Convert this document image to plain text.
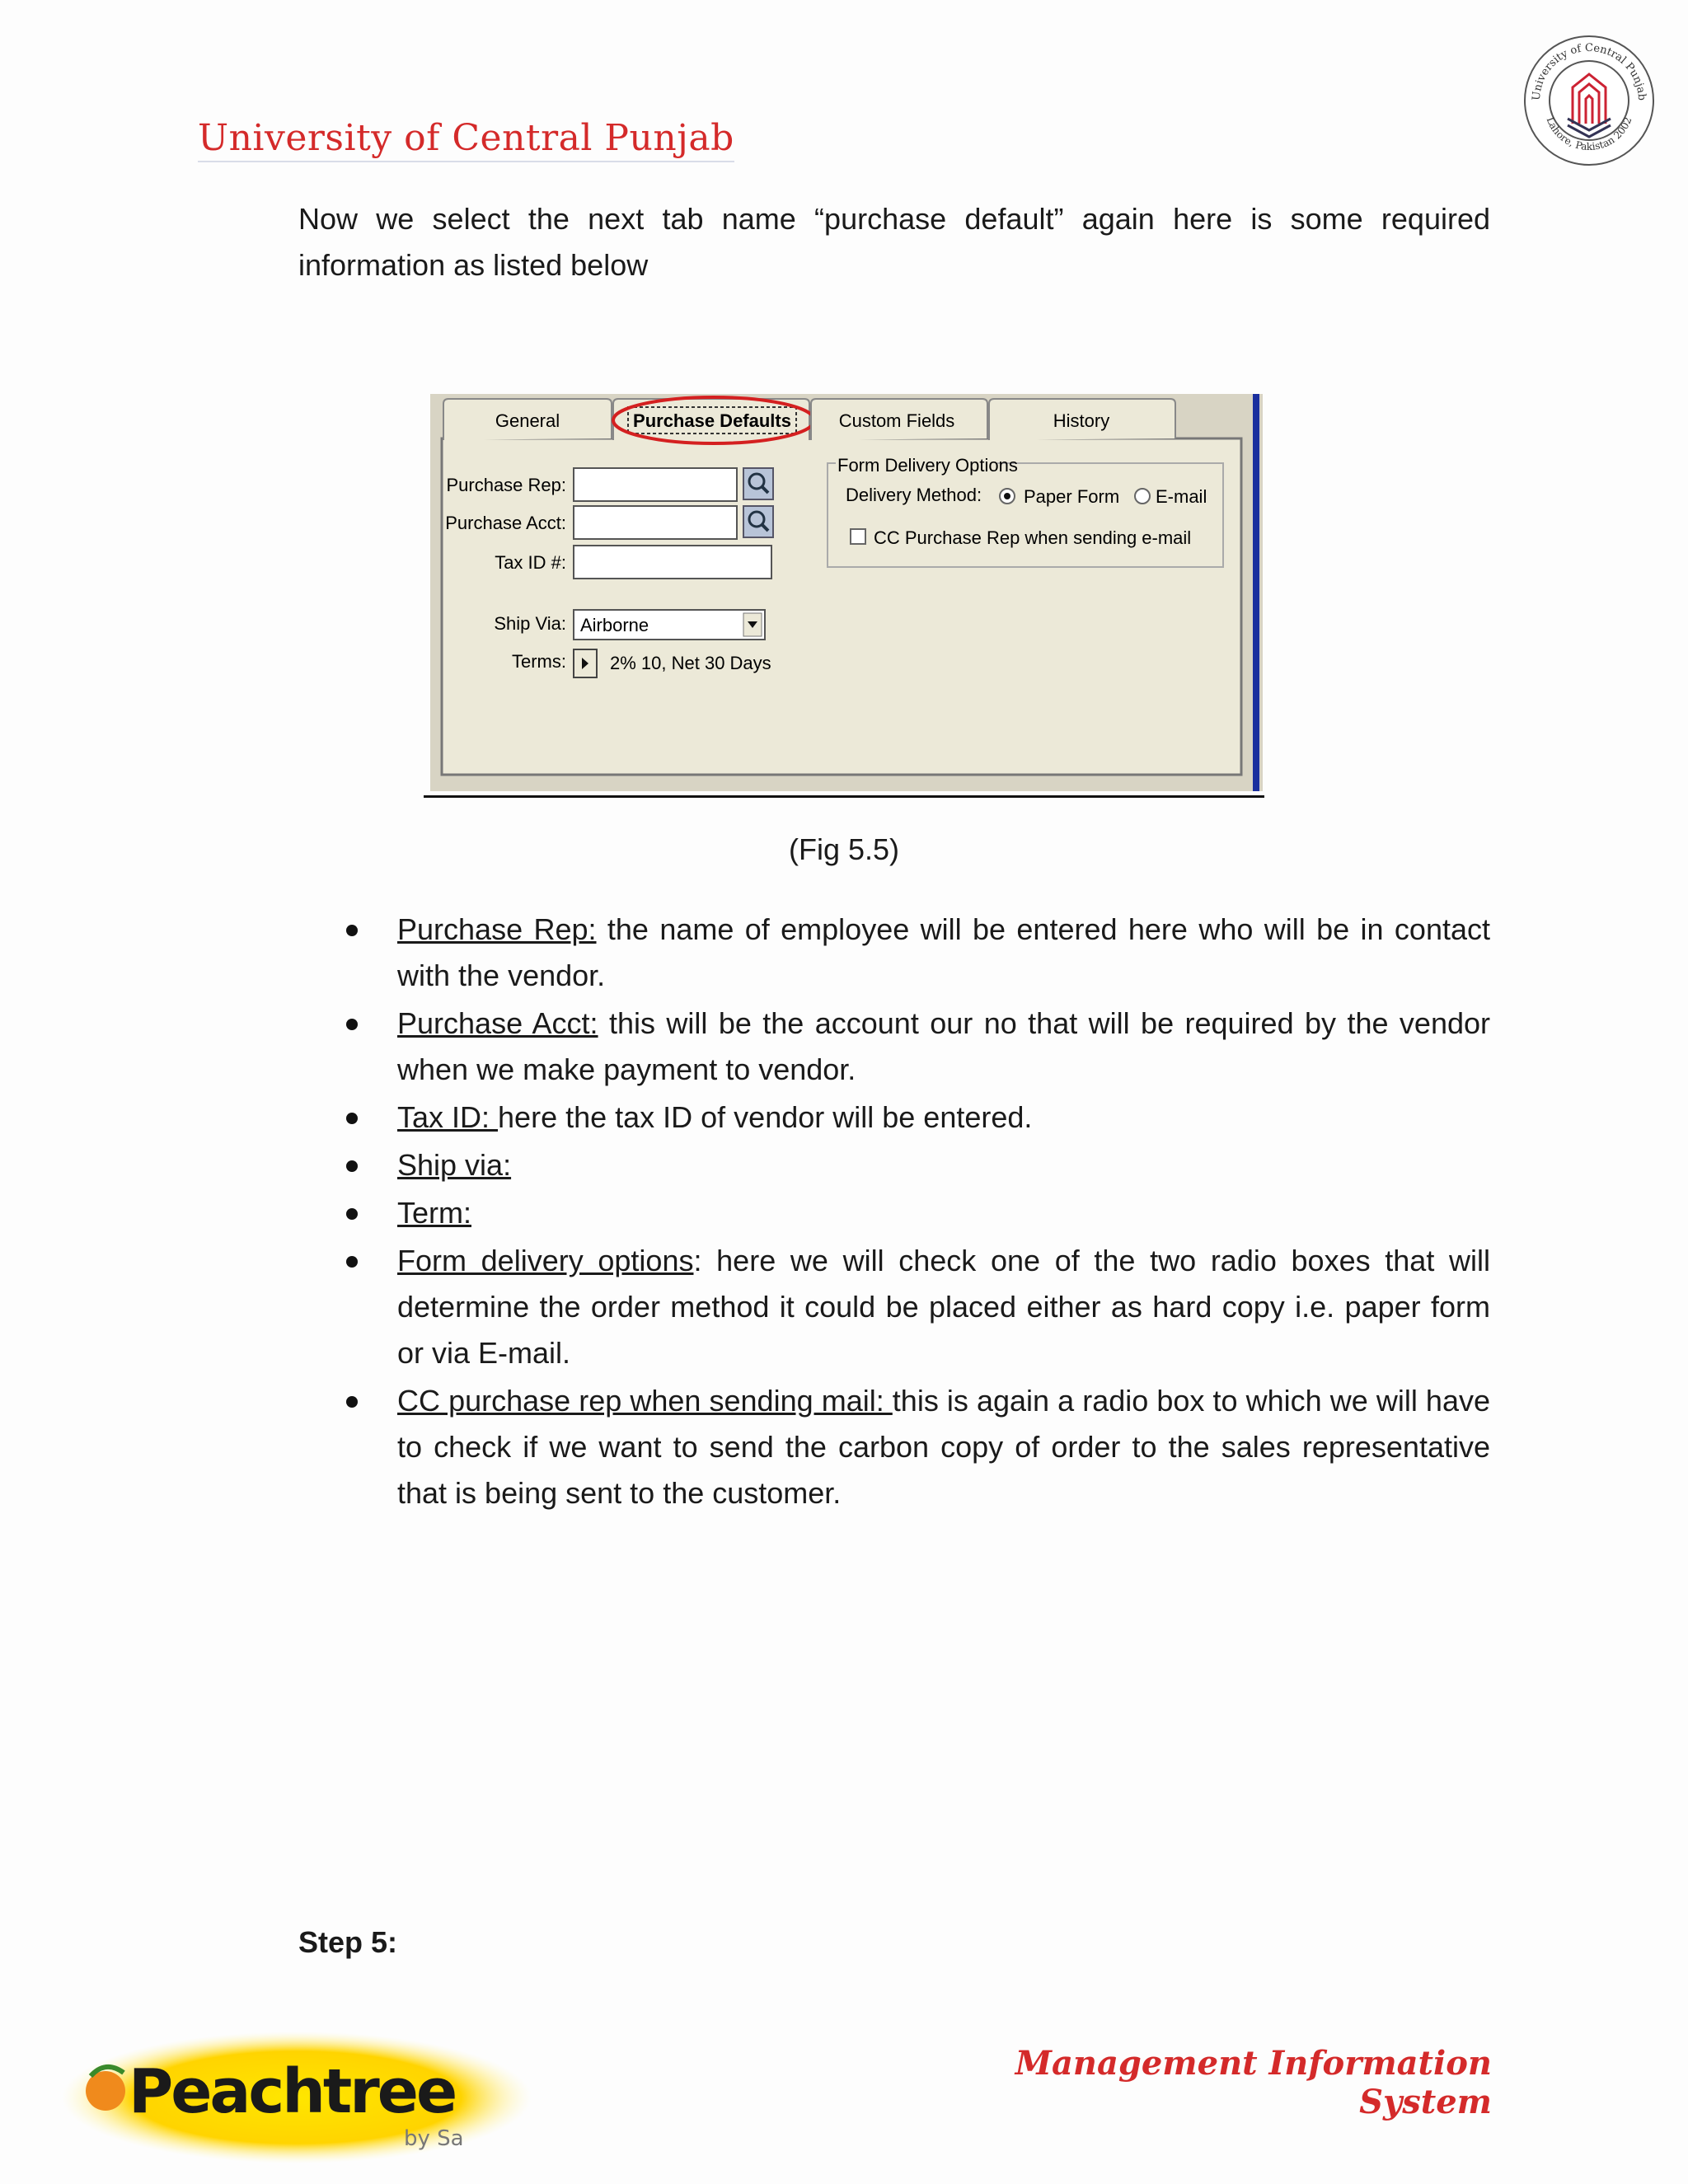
University of Central Punjab
University of Central Punjab
Lahore, Pakistan 2002
Now we select the next tab name “purchase default” again here is some required information as listed below
General	Purchase Defaults	Custom Fields	History
Purchase Rep:
Purchase Acct:
Tax ID #:
Ship Via: Airborne
Terms: 2% 10, Net 30 Days
Form Delivery Options
Delivery Method: Paper Form E-mail
CC Purchase Rep when sending e-mail
(Fig 5.5)
Purchase Rep: the name of employee will be entered here who will be in contact with the vendor.
Purchase Acct: this will be the account our no that will be required by the vendor when we make payment to vendor.
Tax ID: here the tax ID of vendor will be entered.
Ship via:
Term:
Form delivery options: here we will check one of the two radio boxes that will determine the order method it could be placed either as hard copy i.e. paper form or via E-mail.
CC purchase rep when sending mail: this is again a radio box to which we will have to check if we want to send the carbon copy of order to the sales representative that is being sent to the customer.
Step 5:
Peachtree
by Sa
Management Information System
